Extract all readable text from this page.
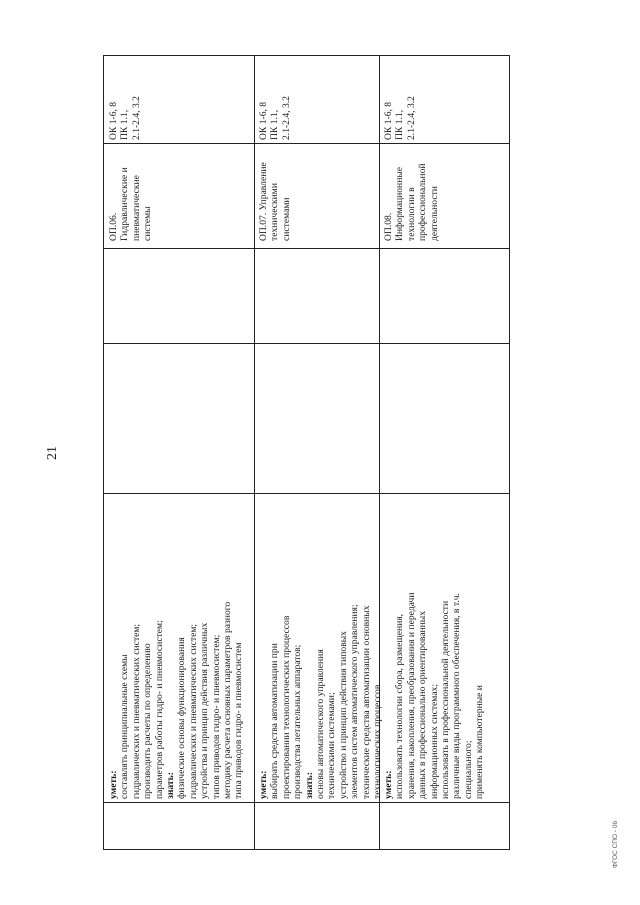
21
уметь: составлять принципиальные схемы гидравлических и пневматических систем; производить расчеты по определению параметров работы гидро- и пневмосистем; знать: физические основы функционирования гидравлических и пневматических систем; устройства и принцип действия различных типов приводов гидро- и пневмосистем; методику расчета основных параметров разного типа приводов гидро- и пневмосистем
ОП.06.
Гидравлические и
пневматические
системы
ОК 1-6, 8
ПК 1.1,
2.1-2.4, 3.2
уметь: выбирать средства автоматизации при проектировании технологических процессов производства летательных аппаратов; знать: основы автоматического управления техническими системами; устройство и принцип действия типовых элементов систем автоматического управления; технические средства автоматизации основных технологических процессов
ОП.07. Управление
техническими
системами
ОК 1-6, 8
ПК 1.1,
2.1-2.4, 3.2
уметь: использовать технологии сбора, размещения, хранения, накопления, преобразования и передачи данных в профессионально ориентированных информационных системах; использовать в профессиональной деятельности различные виды программного обеспечения, в т.ч. специального; применять компьютерные и
ОП.08.
Информационные
технологии в
профессиональной
деятельности
ОК 1-6, 8
ПК 1.1,
2.1-2.4, 3.2
ФГОС СПО - 06
